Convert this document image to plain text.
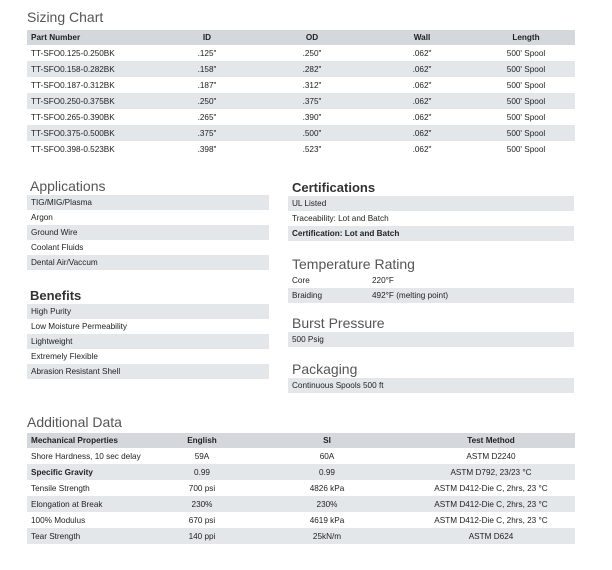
Sizing Chart
Part Number	ID	OD	Wall	Length
TT-SFO0.125-0.250BK	.125"	.250"	.062"	500' Spool
TT-SFO0.158-0.282BK	.158"	.282"	.062"	500' Spool
TT-SFO0.187-0.312BK	.187"	.312"	.062"	500' Spool
TT-SFO0.250-0.375BK	.250"	.375"	.062"	500' Spool
TT-SFO0.265-0.390BK	.265"	.390"	.062"	500' Spool
TT-SFO0.375-0.500BK	.375"	.500"	.062"	500' Spool
TT-SFO0.398-0.523BK	.398"	.523"	.062"	500' Spool
Applications
TIG/MIG/Plasma
Argon
Ground Wire
Coolant Fluids
Dental Air/Vaccum
Benefits
High Purity
Low Moisture Permeability
Lightweight
Extremely Flexible
Abrasion Resistant Shell
Certifications
UL Listed
Traceability: Lot and Batch
Certification: Lot and Batch
Temperature Rating
Core	220°F
Braiding	492°F (melting point)
Burst Pressure
500 Psig
Packaging
Continuous Spools 500 ft
Additional Data
Mechanical Properties	English	SI	Test Method
Shore Hardness, 10 sec delay	59A	60A	ASTM D2240
Specific Gravity	0.99	0.99	ASTM D792, 23/23 °C
Tensile Strength	700 psi	4826 kPa	ASTM D412-Die C, 2hrs, 23 °C
Elongation at Break	230%	230%	ASTM D412-Die C, 2hrs, 23 °C
100% Modulus	670 psi	4619 kPa	ASTM D412-Die C, 2hrs, 23 °C
Tear Strength	140 ppi	25kN/m	ASTM D624
